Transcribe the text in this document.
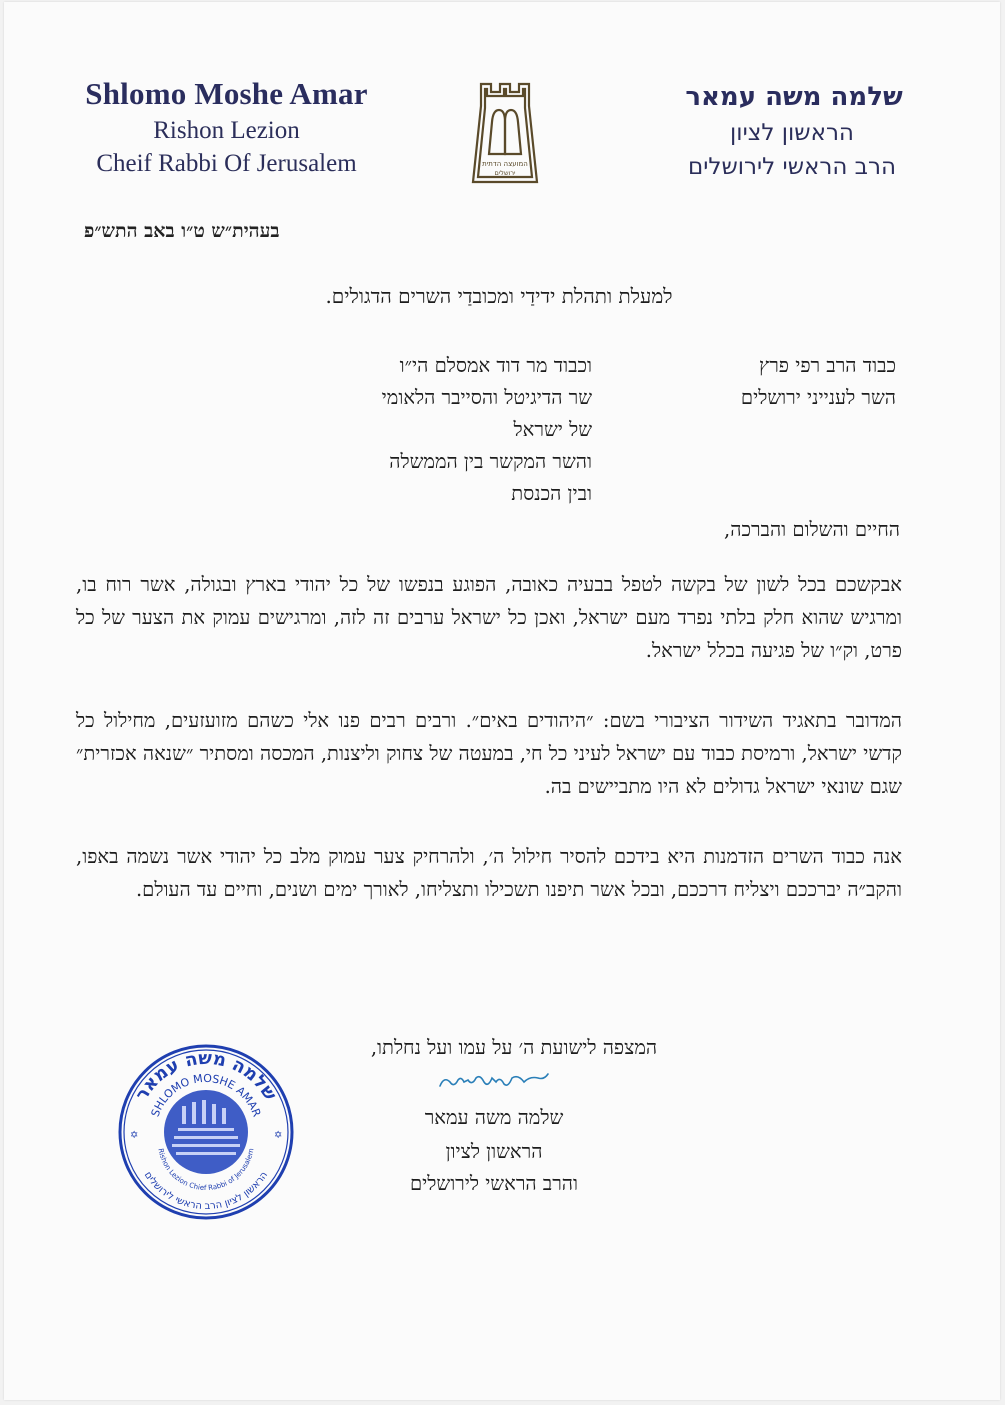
Shlomo Moshe Amar
Rishon Lezion
Cheif Rabbi Of Jerusalem	המועצה הדתית
ירושלים
שלמה משה עמאר
הראשון לציון
הרב הראשי לירושלים
בעהית״ש ט״ו באב התש״פ
למעלת ותהלת ידידַי ומכובדַי השרים הדגולים.
כבוד הרב רפי פרץ
השר לענייני ירושלים
וכבוד מר דוד אמסלם הי״ו
שר הדיגיטל והסייבר הלאומי של ישראל
והשר המקשר בין הממשלה ובין הכנסת
החיים והשלום והברכה,
אבקשכם בכל לשון של בקשה לטפל בבעיה כאובה, הפוגע בנפשו של כל יהודי בארץ ובגולה, אשר רוח בו, ומרגיש שהוא חלק בלתי נפרד מעם ישראל, ואכן כל ישראל ערבים זה לזה, ומרגישים עמוק את הצער של כל פרט, וק״ו של פגיעה בכלל ישראל.
המדובר בתאגיד השידור הציבורי בשם: ״היהודים באים״. ורבים רבים פנו אלי כשהם מזועזעים, מחילול כל קדשי ישראל, ורמיסת כבוד עם ישראל לעיני כל חי, במעטה של צחוק וליצנות, המכסה ומסתיר ״שנאה אכזרית״ שגם שונאי ישראל גדולים לא היו מתביישים בה.
אנה כבוד השרים הזדמנות היא בידכם להסיר חילול ה׳, ולהרחיק צער עמוק מלב כל יהודי אשר נשמה באפו, והקב״ה יברככם ויצליח דרככם, ובכל אשר תיפנו תשכילו ותצליחו, לאורך ימים ושנים, וחיים עד העולם.
המצפה לישועת ה׳ על עמו ועל נחלתו,
שלמה משה עמאר
הראשון לציון
והרב הראשי לירושלים
שלמה משה עמאר
SHLOMO MOSHE AMAR
Rishon Lezion Chief Rabbi of Jerusalem
הראשון לציון הרב הראשי לירושלים
✡	✡
